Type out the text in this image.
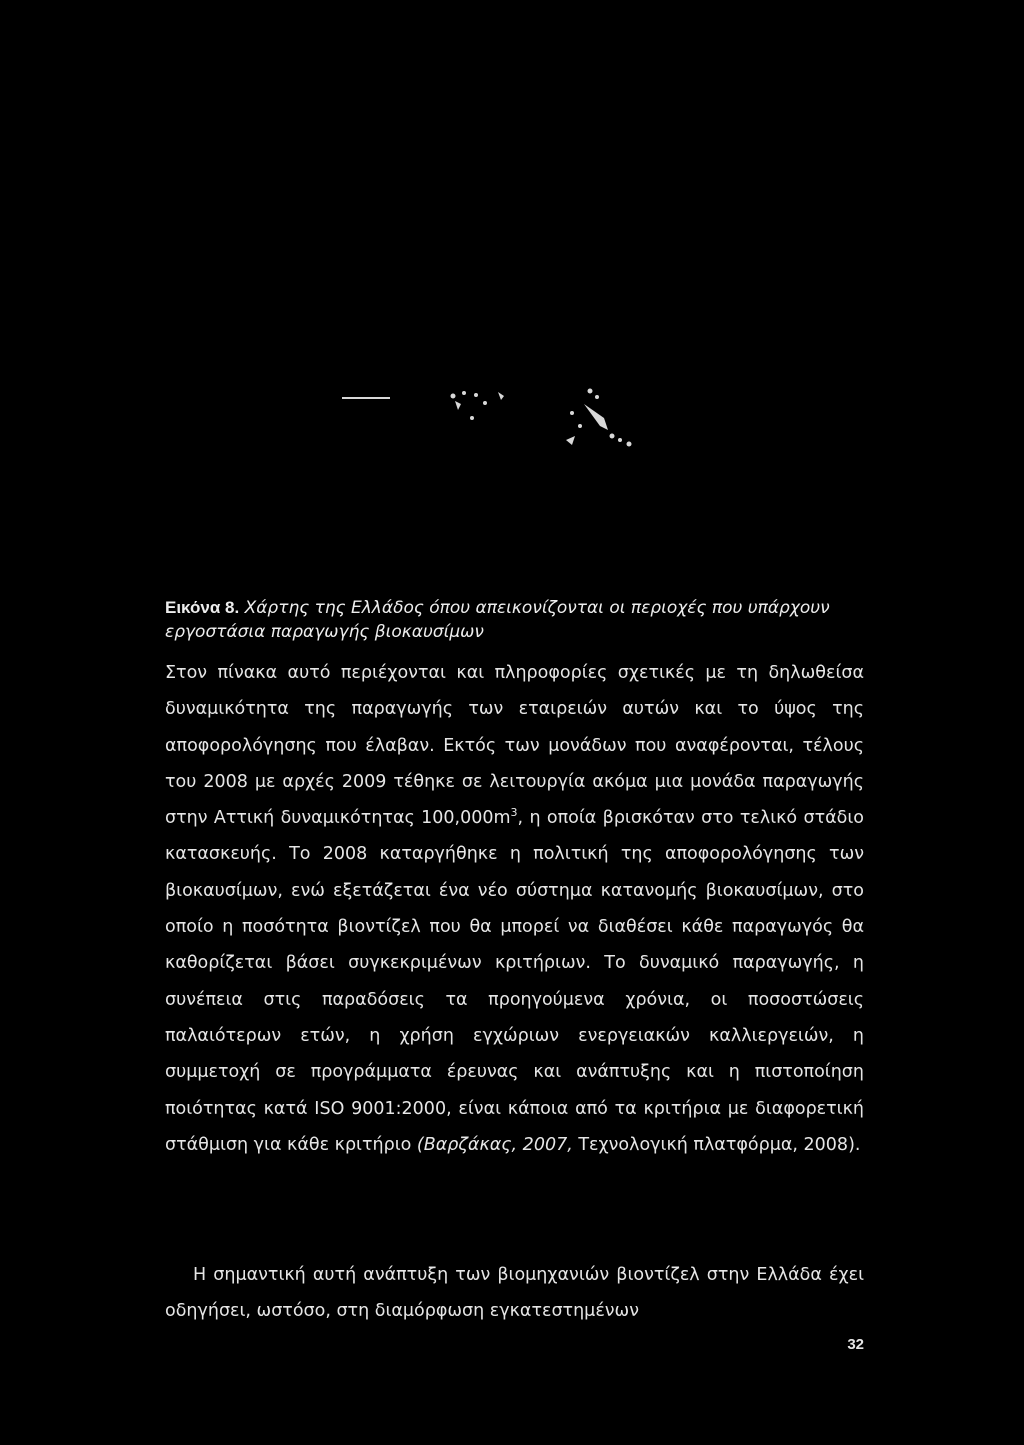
Εικόνα 8. Χάρτης της Ελλάδος όπου απεικονίζονται οι περιοχές που υπάρχουν εργοστάσια παραγωγής βιοκαυσίμων
Στον πίνακα αυτό περιέχονται και πληροφορίες σχετικές με τη δηλωθείσα δυναμικότητα της παραγωγής των εταιρειών αυτών και το ύψος της αποφορολόγησης που έλαβαν. Εκτός των μονάδων που αναφέρονται, τέλους του 2008 με αρχές 2009 τέθηκε σε λειτουργία ακόμα μια μονάδα παραγωγής στην Αττική δυναμικότητας $100,000m^3$, η οποία βρισκόταν στο τελικό στάδιο κατασκευής. Το 2008 καταργήθηκε η πολιτική της αποφορολόγησης των βιοκαυσίμων, ενώ εξετάζεται ένα νέο σύστημα κατανομής βιοκαυσίμων, στο οποίο η ποσότητα βιοντίζελ που θα μπορεί να διαθέσει κάθε παραγωγός θα καθορίζεται βάσει συγκεκριμένων κριτήριων. Το δυναμικό παραγωγής, η συνέπεια στις παραδόσεις τα προηγούμενα χρόνια, οι ποσοστώσεις παλαιότερων ετών, η χρήση εγχώριων ενεργειακών καλλιεργειών, η συμμετοχή σε προγράμματα έρευνας και ανάπτυξης και η πιστοποίηση ποιότητας κατά ISO 9001:2000, είναι κάποια από τα κριτήρια με διαφορετική στάθμιση για κάθε κριτήριο (Βαρζάκας, 2007, Τεχνολογική πλατφόρμα, 2008).
Η σημαντική αυτή ανάπτυξη των βιομηχανιών βιοντίζελ στην Ελλάδα έχει οδηγήσει, ωστόσο, στη διαμόρφωση εγκατεστημένων
32
